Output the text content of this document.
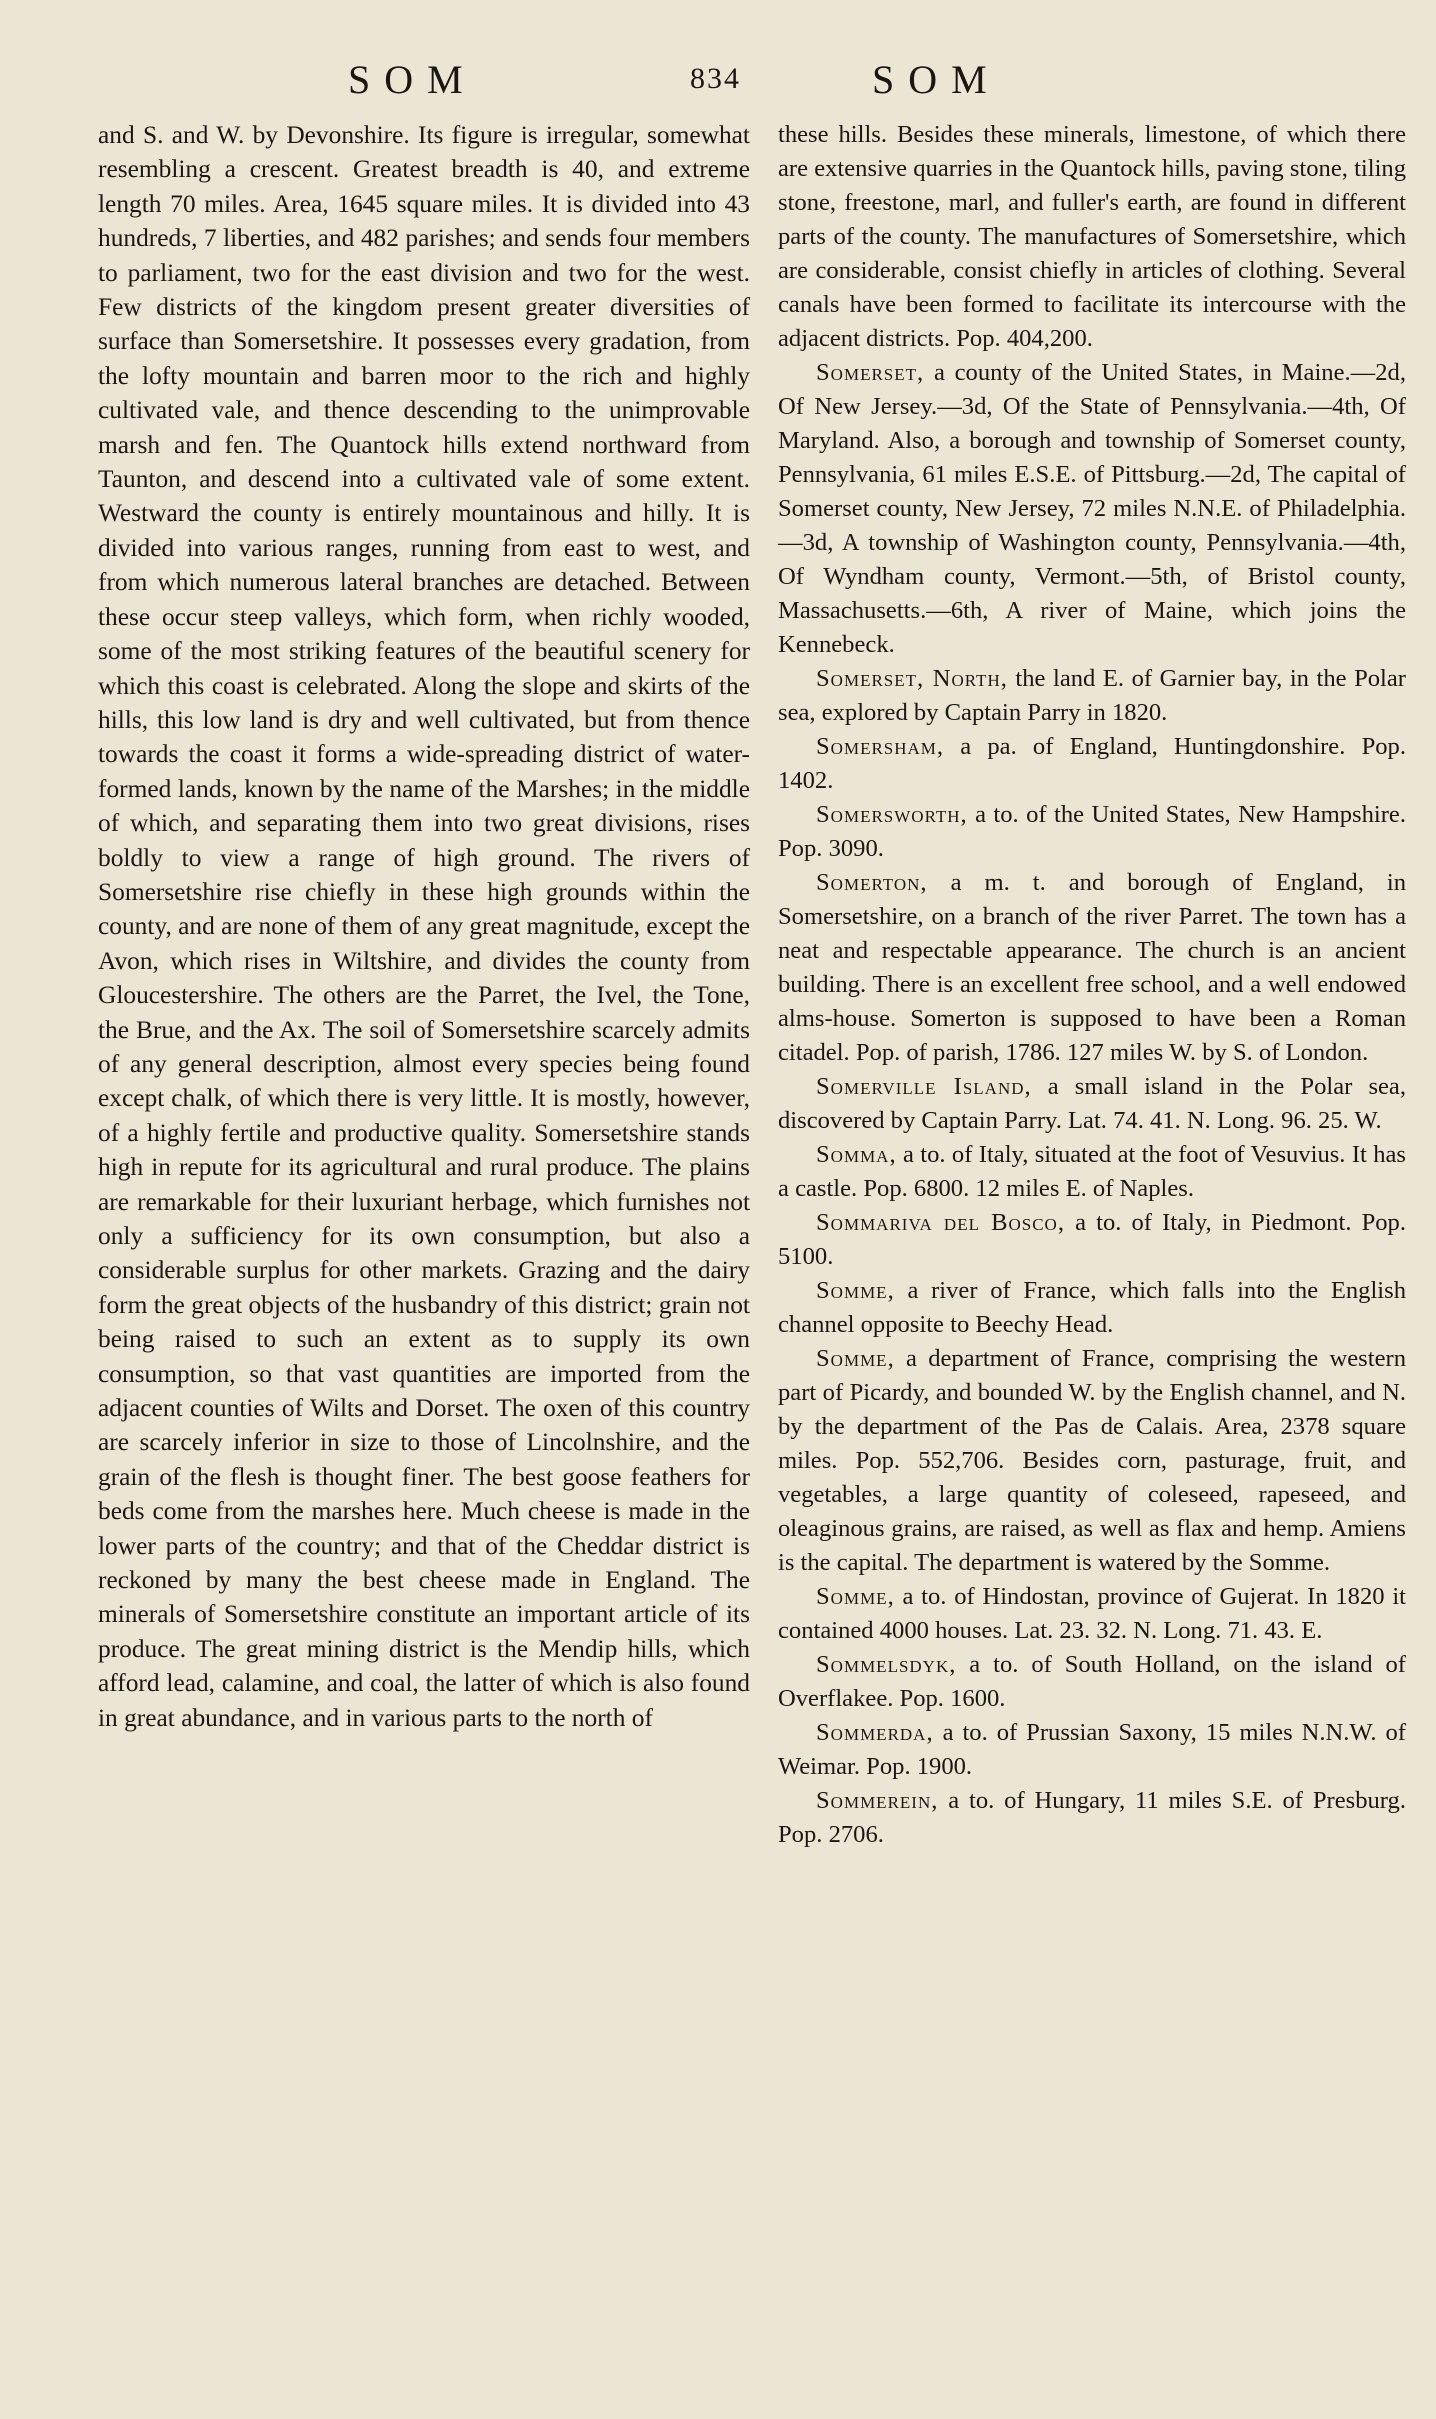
SOM	834	SOM

and S. and W. by Devonshire. Its figure is irregular, somewhat resembling a crescent. Greatest breadth is 40, and extreme length 70 miles. Area, 1645 square miles. It is divided into 43 hundreds, 7 liberties, and 482 parishes; and sends four members to parliament, two for the east division and two for the west. Few districts of the kingdom present greater diversities of surface than Somersetshire. It possesses every gradation, from the lofty mountain and barren moor to the rich and highly cultivated vale, and thence descending to the unimprovable marsh and fen. The Quantock hills extend northward from Taunton, and descend into a cultivated vale of some extent. Westward the county is entirely mountainous and hilly. It is divided into various ranges, running from east to west, and from which numerous lateral branches are detached. Between these occur steep valleys, which form, when richly wooded, some of the most striking features of the beautiful scenery for which this coast is celebrated. Along the slope and skirts of the hills, this low land is dry and well cultivated, but from thence towards the coast it forms a wide-spreading district of water-formed lands, known by the name of the Marshes; in the middle of which, and separating them into two great divisions, rises boldly to view a range of high ground. The rivers of Somersetshire rise chiefly in these high grounds within the county, and are none of them of any great magnitude, except the Avon, which rises in Wiltshire, and divides the county from Gloucestershire. The others are the Parret, the Ivel, the Tone, the Brue, and the Ax. The soil of Somersetshire scarcely admits of any general description, almost every species being found except chalk, of which there is very little. It is mostly, however, of a highly fertile and productive quality. Somersetshire stands high in repute for its agricultural and rural produce. The plains are remarkable for their luxuriant herbage, which furnishes not only a sufficiency for its own consumption, but also a considerable surplus for other markets. Grazing and the dairy form the great objects of the husbandry of this district; grain not being raised to such an extent as to supply its own consumption, so that vast quantities are imported from the adjacent counties of Wilts and Dorset. The oxen of this country are scarcely inferior in size to those of Lincolnshire, and the grain of the flesh is thought finer. The best goose feathers for beds come from the marshes here. Much cheese is made in the lower parts of the country; and that of the Cheddar district is reckoned by many the best cheese made in England. The minerals of Somersetshire constitute an important article of its produce. The great mining district is the Mendip hills, which afford lead, calamine, and coal, the latter of which is also found in great abundance, and in various parts to the north of

these hills. Besides these minerals, limestone, of which there are extensive quarries in the Quantock hills, paving stone, tiling stone, freestone, marl, and fuller's earth, are found in different parts of the county. The manufactures of Somersetshire, which are considerable, consist chiefly in articles of clothing. Several canals have been formed to facilitate its intercourse with the adjacent districts. Pop. 404,200.

Somerset, a county of the United States, in Maine.—2d, Of New Jersey.—3d, Of the State of Pennsylvania.—4th, Of Maryland. Also, a borough and township of Somerset county, Pennsylvania, 61 miles E.S.E. of Pittsburg.—2d, The capital of Somerset county, New Jersey, 72 miles N.N.E. of Philadelphia.—3d, A township of Washington county, Pennsylvania.—4th, Of Wyndham county, Vermont.—5th, of Bristol county, Massachusetts.—6th, A river of Maine, which joins the Kennebeck.

Somerset, North, the land E. of Garnier bay, in the Polar sea, explored by Captain Parry in 1820.

Somersham, a pa. of England, Huntingdonshire. Pop. 1402.

Somersworth, a to. of the United States, New Hampshire. Pop. 3090.

Somerton, a m. t. and borough of England, in Somersetshire, on a branch of the river Parret. The town has a neat and respectable appearance. The church is an ancient building. There is an excellent free school, and a well endowed alms-house. Somerton is supposed to have been a Roman citadel. Pop. of parish, 1786. 127 miles W. by S. of London.

Somerville Island, a small island in the Polar sea, discovered by Captain Parry. Lat. 74. 41. N. Long. 96. 25. W.

Somma, a to. of Italy, situated at the foot of Vesuvius. It has a castle. Pop. 6800. 12 miles E. of Naples.

Sommariva del Bosco, a to. of Italy, in Piedmont. Pop. 5100.

Somme, a river of France, which falls into the English channel opposite to Beechy Head.

Somme, a department of France, comprising the western part of Picardy, and bounded W. by the English channel, and N. by the department of the Pas de Calais. Area, 2378 square miles. Pop. 552,706. Besides corn, pasturage, fruit, and vegetables, a large quantity of coleseed, rapeseed, and oleaginous grains, are raised, as well as flax and hemp. Amiens is the capital. The department is watered by the Somme.

Somme, a to. of Hindostan, province of Gujerat. In 1820 it contained 4000 houses. Lat. 23. 32. N. Long. 71. 43. E.

Sommelsdyk, a to. of South Holland, on the island of Overflakee. Pop. 1600.

Sommerda, a to. of Prussian Saxony, 15 miles N.N.W. of Weimar. Pop. 1900.

Sommerein, a to. of Hungary, 11 miles S.E. of Presburg. Pop. 2706.
